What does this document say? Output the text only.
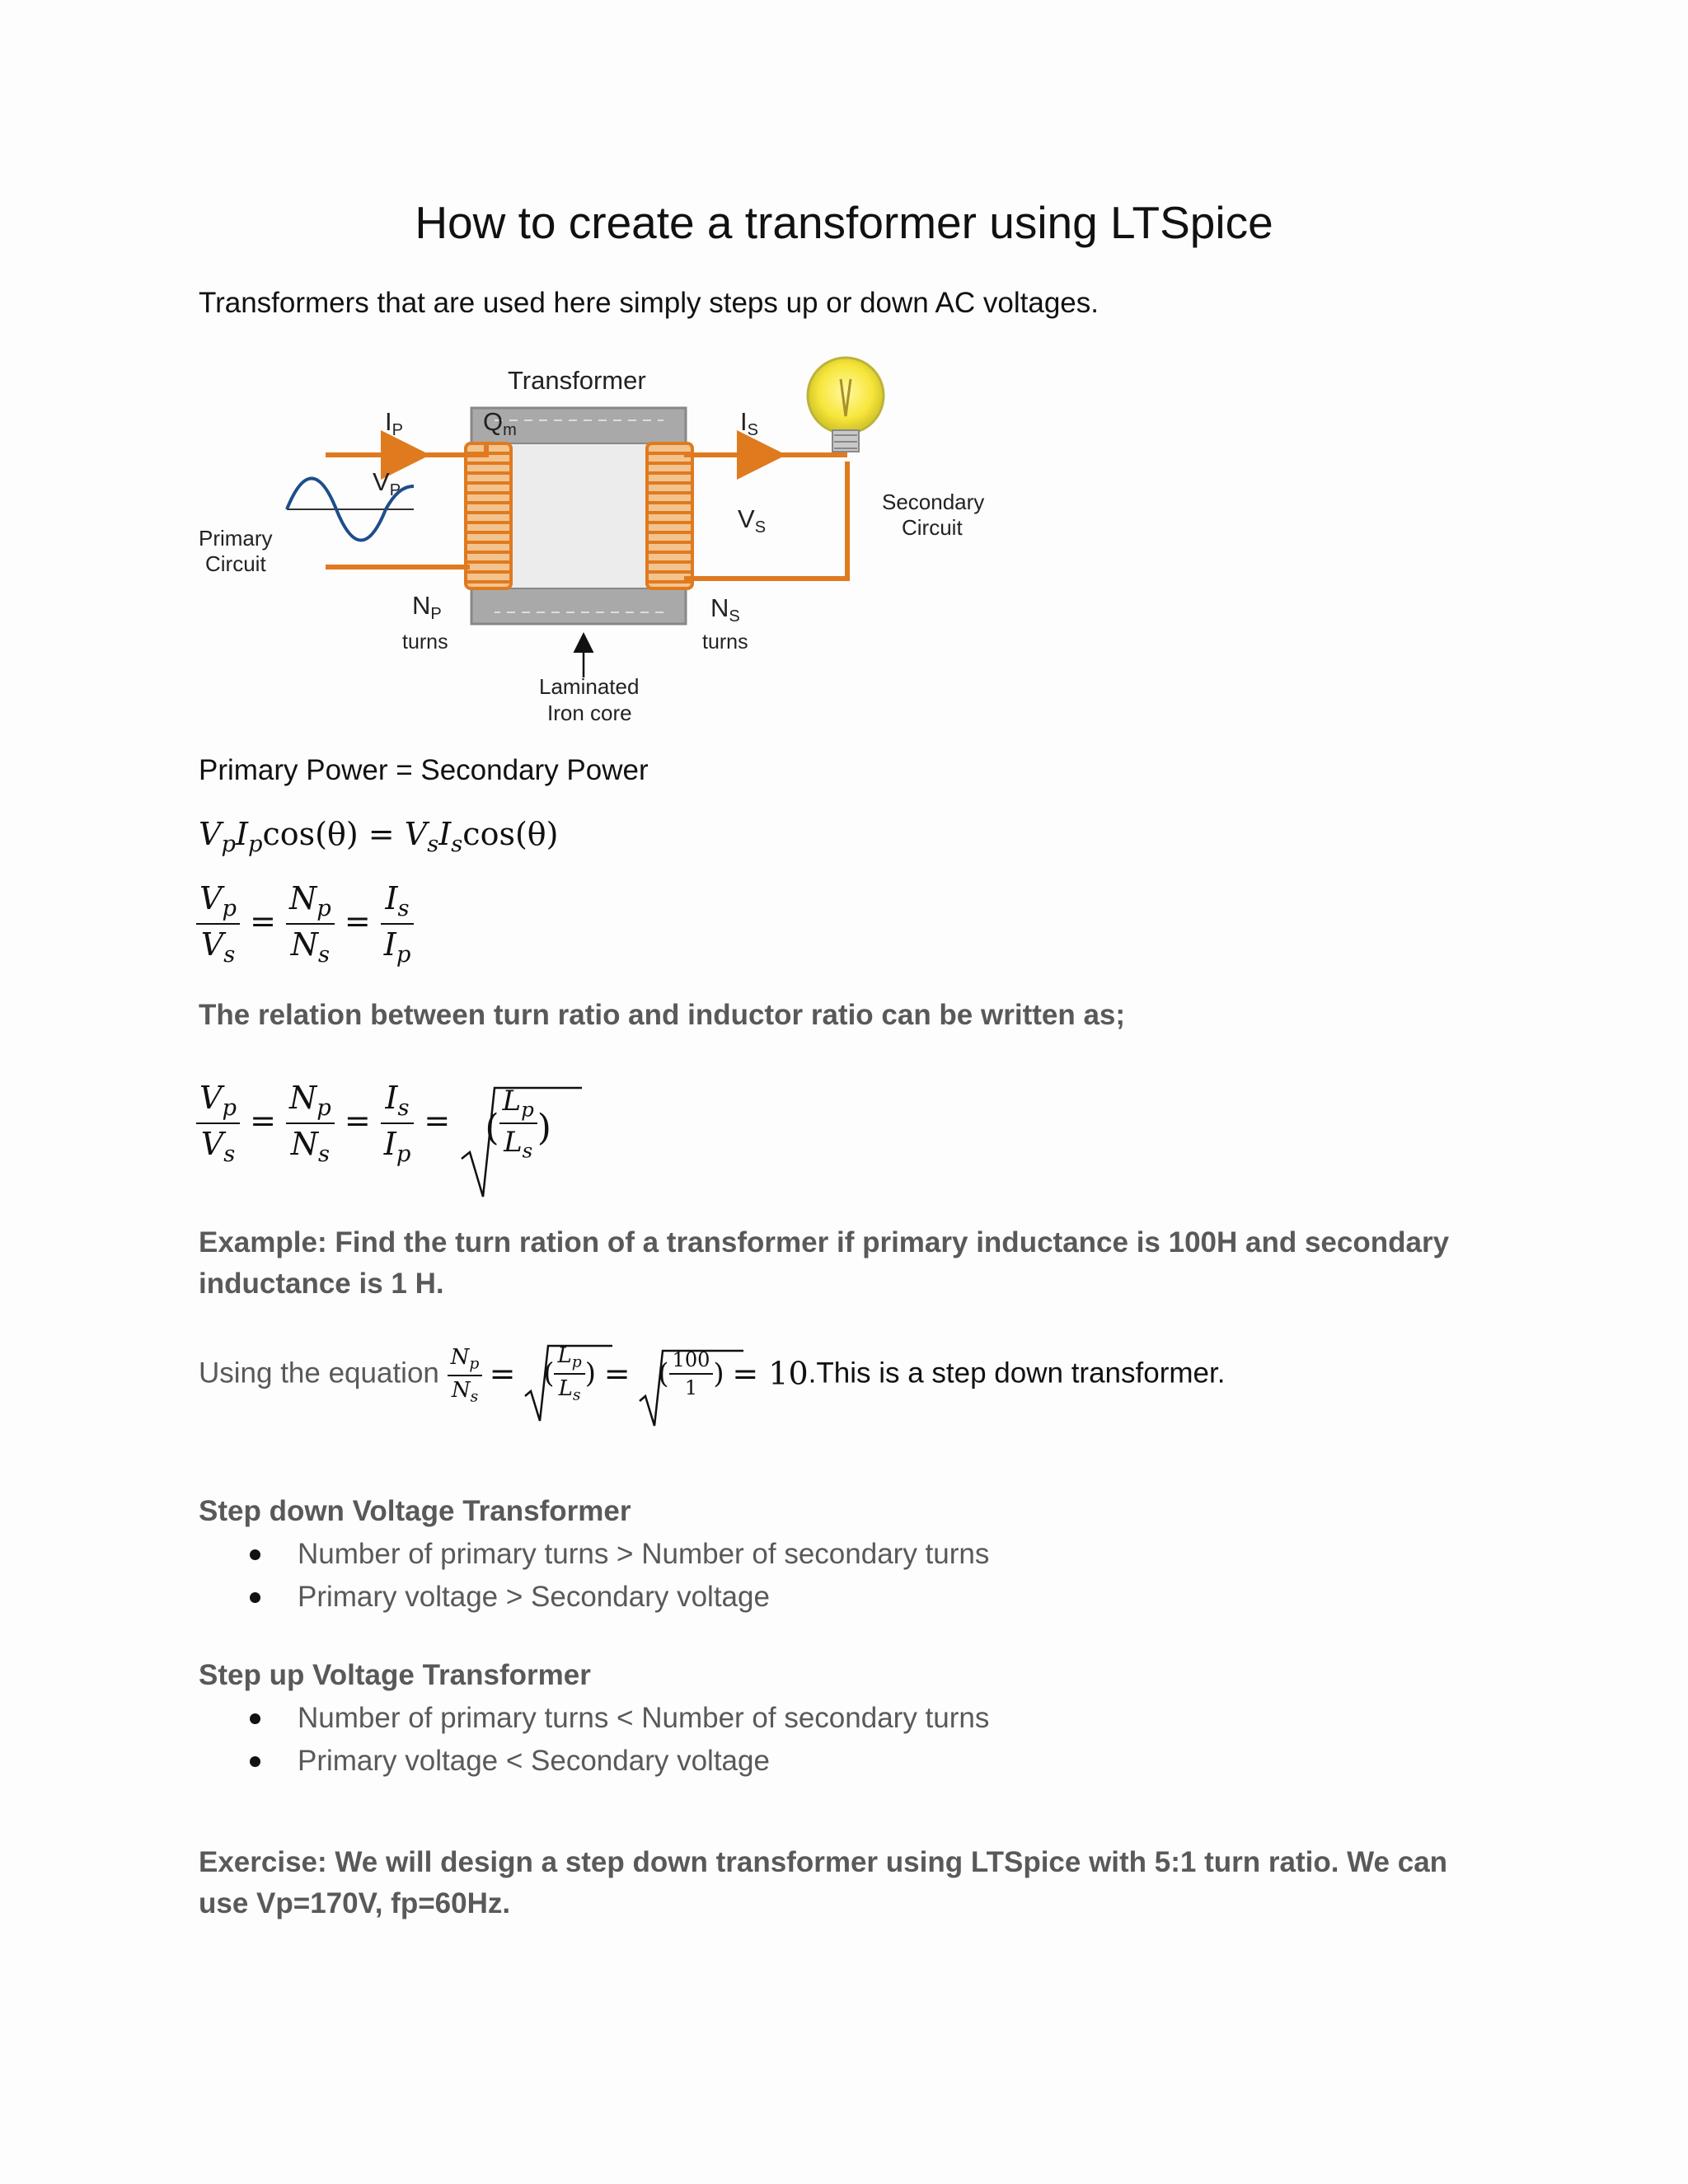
How to create a transformer using LTSpice
Transformers that are used here simply steps up or down AC voltages.
Transformer
Qm
IP
VP
IS
VS
NP	NS
turns	turns
Primary
Circuit
Secondary
Circuit
Laminated
Iron core
Primary Power = Secondary Power
$V_pI_p\cos(\theta) = V_sI_s\cos(\theta)$
$\frac{V_p}{V_s} = \frac{N_p}{N_s} = \frac{I_s}{I_p}$
The relation between turn ratio and inductor ratio can be written as;
$\frac{V_p}{V_s} = \frac{N_p}{N_s} = \frac{I_s}{I_p}$ = ( $\frac{L_p}{L_s}$ )
Example: Find the turn ration of a transformer if primary inductance is 100H and secondary inductance is 1 H.
Using the equation $\frac{N_p}{N_s}$ = ( $\frac{L_p}{L_s}$ ) = ( $\frac{100}{1}$ ) = 10.This is a step down transformer.
Step down Voltage Transformer
Number of primary turns > Number of secondary turns
Primary voltage > Secondary voltage
Step up Voltage Transformer
Number of primary turns < Number of secondary turns
Primary voltage < Secondary voltage
Exercise: We will design a step down transformer using LTSpice with 5:1 turn ratio. We can use Vp=170V, fp=60Hz.
